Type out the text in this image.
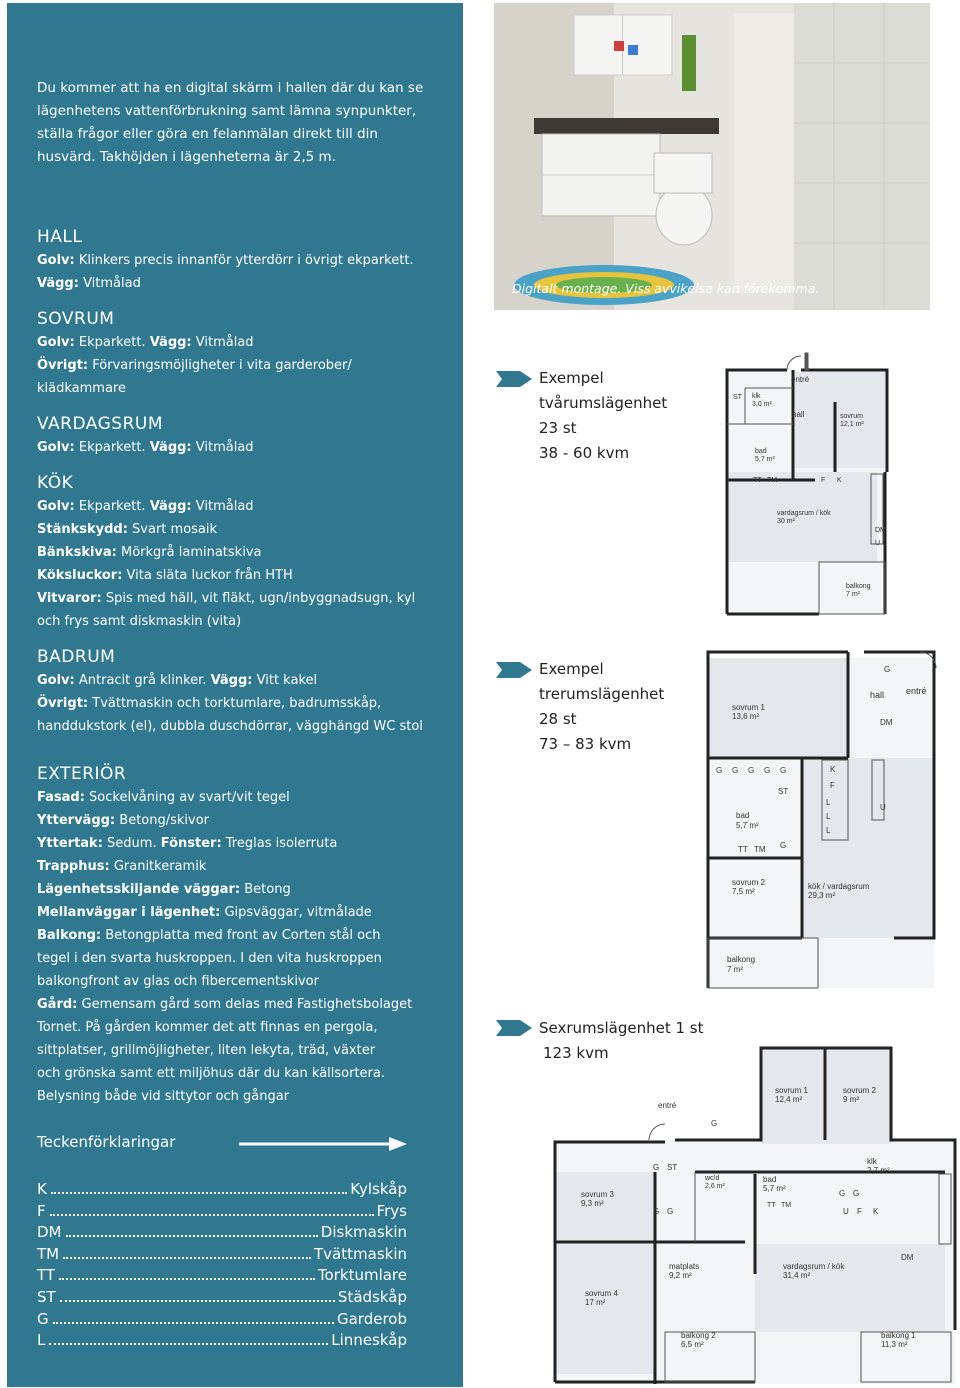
Du kommer att ha en digital skärm i hallen där du kan se lägenhetens vattenförbrukning samt lämna synpunkter, ställa frågor eller göra en felanmälan direkt till din husvärd. Takhöjden i lägenheterna är 2,5 m.
HALL

Golv: Klinkers precis innanför ytterdörr i övrigt ekparkett.

Vägg: Vitmålad

SOVRUM

Golv: Ekparkett. Vägg: Vitmålad

Övrigt: Förvaringsmöjligheter i vita garderober/

klädkammare

VARDAGSRUM

Golv: Ekparkett. Vägg: Vitmålad

KÖK

Golv: Ekparkett. Vägg: Vitmålad

Stänkskydd: Svart mosaik

Bänkskiva: Mörkgrå laminatskiva

Köksluckor: Vita släta luckor från HTH

Vitvaror: Spis med häll, vit fläkt, ugn/inbyggnadsugn, kyl

och frys samt diskmaskin (vita)

BADRUM

Golv: Antracit grå klinker. Vägg: Vitt kakel

Övrigt: Tvättmaskin och torktumlare, badrumsskåp,

handdukstork (el), dubbla duschdörrar, vägghängd WC stol

EXTERIÖR

Fasad: Sockelvåning av svart/vit tegel

Yttervägg: Betong/skivor

Yttertak: Sedum. Fönster: Treglas isolerruta

Trapphus: Granitkeramik

Lägenhetsskiljande väggar: Betong

Mellanväggar i lägenhet: Gipsväggar, vitmålade

Balkong: Betongplatta med front av Corten stål och

tegel i den svarta huskroppen. I den vita huskroppen

balkongfront av glas och fibercementskivor

Gård: Gemensam gård som delas med Fastighetsbolaget

Tornet. På gården kommer det att finnas en pergola,

sittplatser, grillmöjligheter, liten lekyta, träd, växter

och grönska samt ett miljöhus där du kan källsortera.

Belysning både vid sittytor och gångar

Teckenförklaringar
K	Kylskåp
F	Frys
DM	Diskmaskin
TM	Tvättmaskin
TT	Torktumlare
ST	Städskåp
G	Garderob
L	Linneskåp
Digitalt montage. Viss avvikelse kan förekomma.
Exempel
tvårumslägenhet
23 st
38 - 60 kvm
Exempel
trerumslägenhet
28 st
73 – 83 kvm
Sexrumslägenhet 1 st
123 kvm
ST klk
3,0 m²
entré
hall	sovrum
12,1 m²
bad
5,7 m²
TT TM	F K
vardagsrum / kök
30 m²
DM
U
balkong
7 m²
G
hall entré
sovrum 1
13,6 m²
DM
G G G G G	K
F
ST
U
L
L
L
bad
5,7 m²
TT TM G
sovrum 2
7,5 m²
kök / vardagsrum
29,3 m²
balkong
7 m²
entré
sovrum 1
12,4 m²
sovrum 2
9 m²
G
G ST
wc/d
2,6 m²
bad
5,7 m²
klk
2,7 m²
sovrum 3
9,3 m²
G G
G G
TT TM
U F K
DM
matplats
9,2 m²
vardagsrum / kök
31,4 m²
sovrum 4
17 m²
balkong 2
6,5 m²
balkong 1
11,3 m²
